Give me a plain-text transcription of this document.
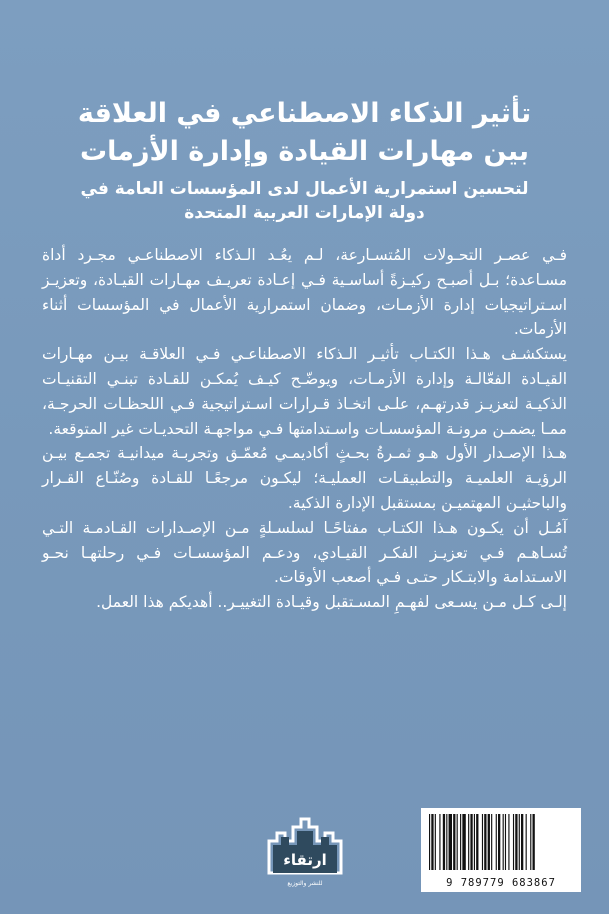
تأثير الذكاء الاصطناعي في العلاقة
بين مهارات القيادة وإدارة الأزمات
لتحسين استمرارية الأعمال لدى المؤسسات العامة في
دولة الإمارات العربية المتحدة

فـي عصـر التحـولات المُتسـارعة، لـم يعُـد الـذكاء الاصطناعـي مجـرد أداة مسـاعدة؛ بـل أصبـح ركيـزةً أساسـية فـي إعـادة تعريـف مهـارات القيـادة، وتعزيـز اسـتراتيجيات إدارة الأزمـات، وضمان استمرارية الأعمال في المؤسسات أثناء الأزمات.

يستكشـف هـذا الكتـاب تأثيـر الـذكاء الاصطناعـي فـي العلاقـة بيـن مهـارات القيـادة الفعّالـة وإدارة الأزمـات، ويوضّـح كيـف يُمكـن للقـادة تبنـي التقنيـات الذكيـة لتعزيـز قدرتهـم، علـى اتخـاذ قـرارات اسـتراتيجية فـي اللحظـات الحرجـة، ممـا يضمـن مرونـة المؤسسـات واسـتدامتها فـي مواجهـة التحديـات غير المتوقعة.

هـذا الإصـدار الأول هـو ثمـرةُ بحـثٍ أكاديمـي مُعمّـق وتجربـة ميدانيـة تجمـع بيـن الرؤيـة العلميـة والتطبيقـات العمليـة؛ ليكـون مرجعًـا للقـادة وصُنّـاع القـرار والباحثيـن المهتميـن بمستقبل الإدارة الذكية.

آمُـل أن يكـون هـذا الكتـاب مفتاحًـا لسلسـلةٍ مـن الإصـدارات القـادمـة التـي تُسـاهـم فـي تعزيـز الفكـر القيـادي، ودعـم المؤسسـات فـي رحلتهـا نحـو الاسـتدامة والابتـكار حتـى فـي أصعب الأوقات.

إلـى كـل مـن يسـعى لفهـمِ المسـتقبل وقيـادة التغييـر.. أهديكم هذا العمل.

ارتقاء
للنشر والتوزيع	9 789779 683867
